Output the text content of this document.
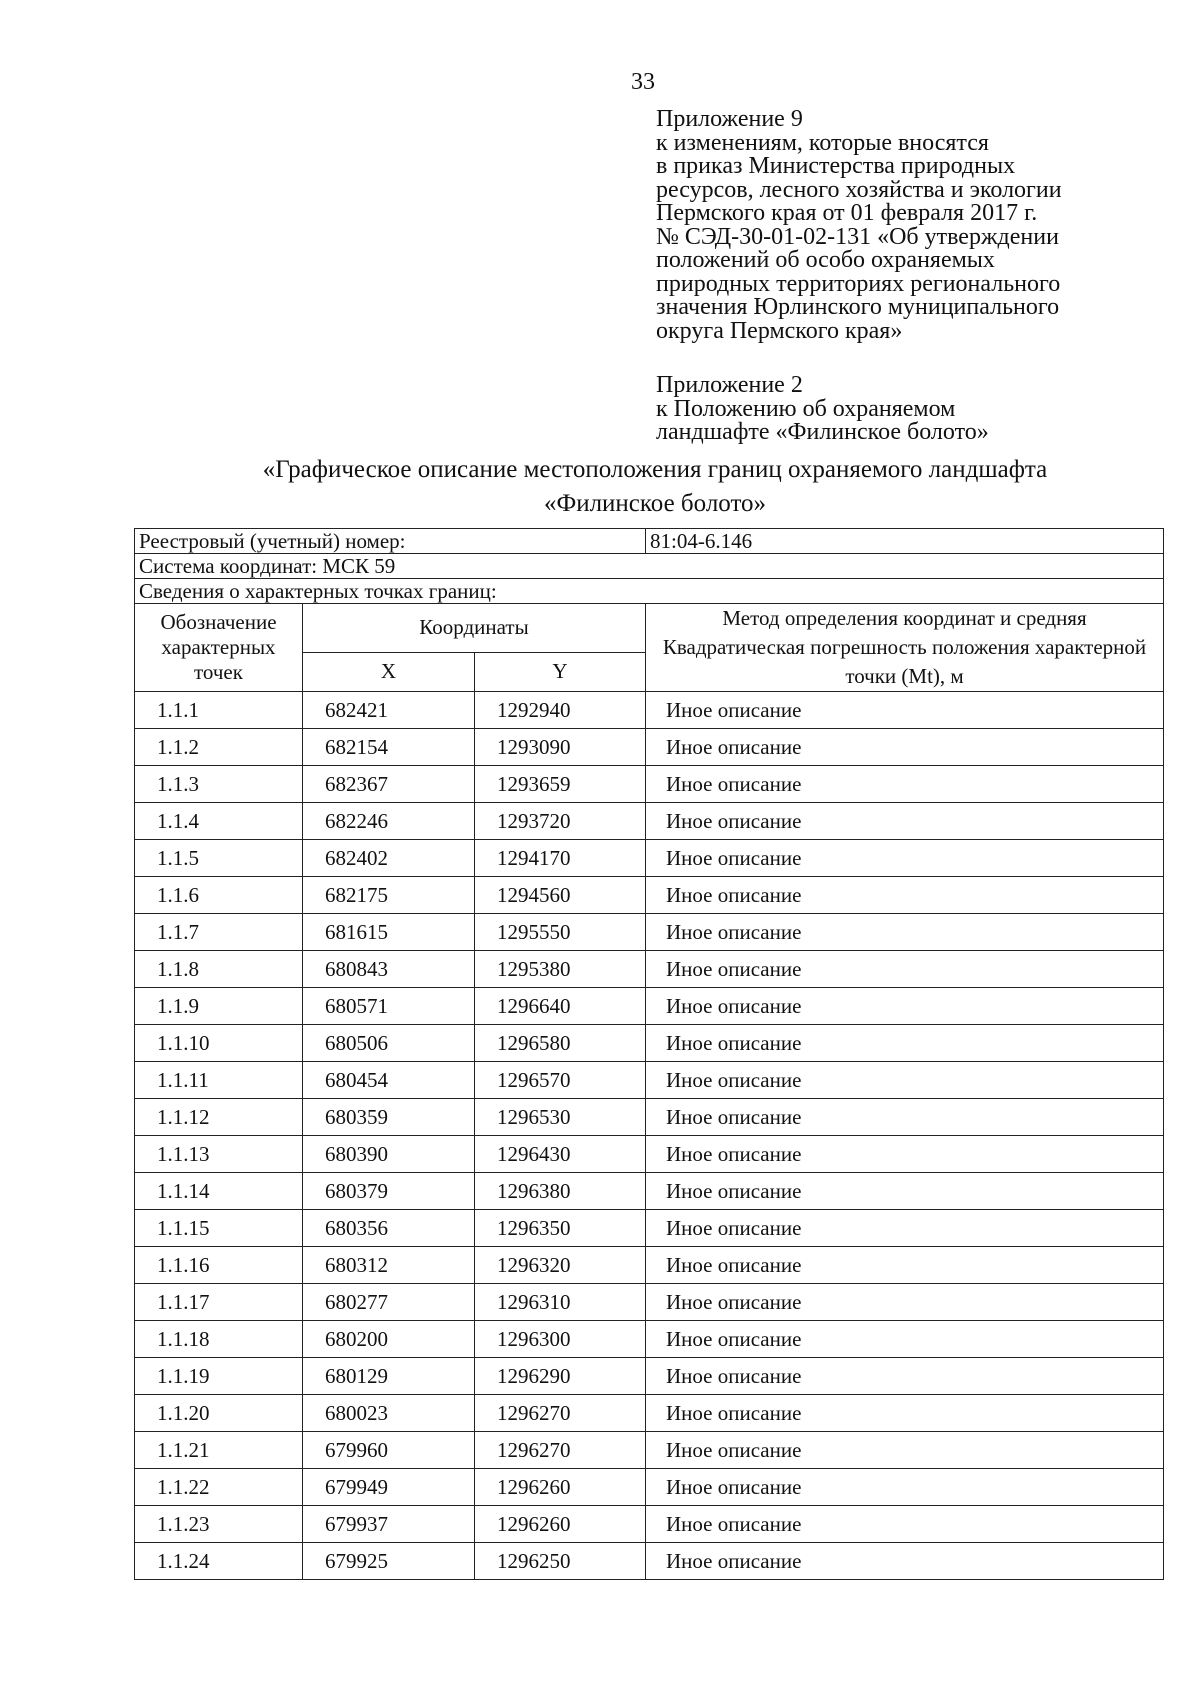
33
Приложение 9
к изменениям, которые вносятся
в приказ Министерства природных
ресурсов, лесного хозяйства и экологии
Пермского края от 01 февраля 2017 г.
№ СЭД-30-01-02-131 «Об утверждении
положений об особо охраняемых
природных территориях регионального
значения Юрлинского муниципального
округа Пермского края»
Приложение 2
к Положению об охраняемом
ландшафте «Филинское болото»
«Графическое описание местоположения границ охраняемого ландшафта
«Филинское болото»
Реестровый (учетный) номер:			81:04-6.146
Система координат: МСК 59			
Сведения о характерных точках границ:			
Обозначение характерных точек	Координаты		Метод определения координат и средняя Квадратическая погрешность положения характерной точки (Mt), м
	X	Y	
1.1.1	682421	1292940	Иное описание
1.1.2	682154	1293090	Иное описание
1.1.3	682367	1293659	Иное описание
1.1.4	682246	1293720	Иное описание
1.1.5	682402	1294170	Иное описание
1.1.6	682175	1294560	Иное описание
1.1.7	681615	1295550	Иное описание
1.1.8	680843	1295380	Иное описание
1.1.9	680571	1296640	Иное описание
1.1.10	680506	1296580	Иное описание
1.1.11	680454	1296570	Иное описание
1.1.12	680359	1296530	Иное описание
1.1.13	680390	1296430	Иное описание
1.1.14	680379	1296380	Иное описание
1.1.15	680356	1296350	Иное описание
1.1.16	680312	1296320	Иное описание
1.1.17	680277	1296310	Иное описание
1.1.18	680200	1296300	Иное описание
1.1.19	680129	1296290	Иное описание
1.1.20	680023	1296270	Иное описание
1.1.21	679960	1296270	Иное описание
1.1.22	679949	1296260	Иное описание
1.1.23	679937	1296260	Иное описание
1.1.24	679925	1296250	Иное описание
